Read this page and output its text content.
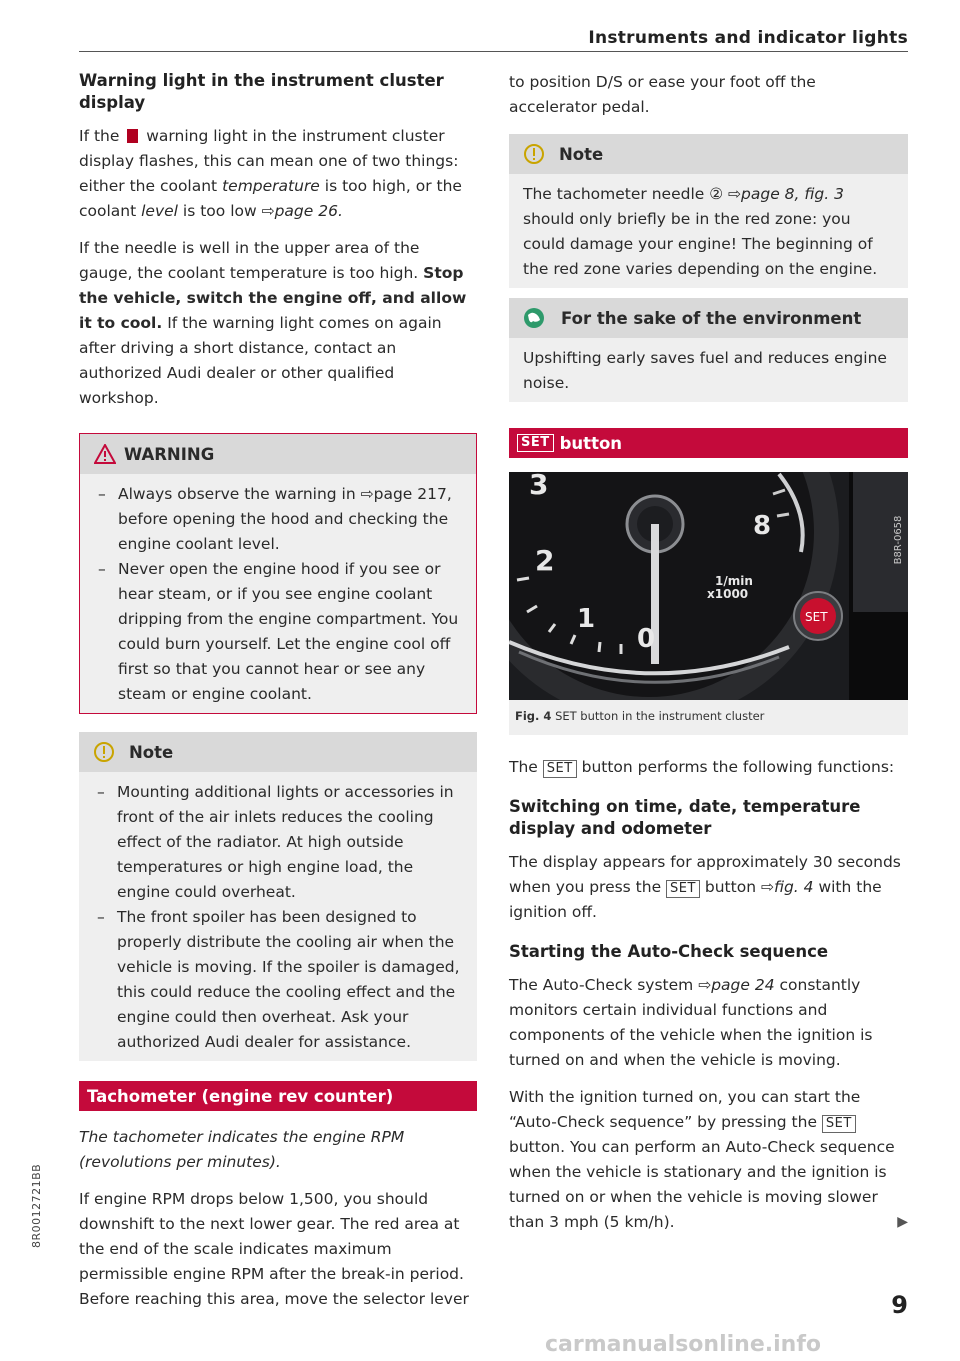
Instruments and indicator lights
Warning light in the instrument cluster display

If the  warning light in the instrument cluster display flashes, this can mean one of two things: either the coolant temperature is too high, or the coolant level is too low ⇨page 26.

If the needle is well in the upper area of the gauge, the coolant temperature is too high. Stop the vehicle, switch the engine off, and allow it to cool. If the warning light comes on again after driving a short distance, contact an authorized Audi dealer or other qualified workshop.

WARNING
– Always observe the warning in ⇨page 217, before opening the hood and checking the engine coolant level.
– Never open the engine hood if you see or hear steam, or if you see engine coolant dripping from the engine compartment. You could burn yourself. Let the engine cool off first so that you cannot hear or see any steam or engine coolant.
Note
– Mounting additional lights or accessories in front of the air inlets reduces the cooling effect of the radiator. At high outside temperatures or high engine load, the engine could overheat.
– The front spoiler has been designed to properly distribute the cooling air when the vehicle is moving. If the spoiler is damaged, this could reduce the cooling effect and the engine could then overheat. Ask your authorized Audi dealer for assistance.
Tachometer (engine rev counter)

The tachometer indicates the engine RPM (revolutions per minutes).

If engine RPM drops below 1,500, you should downshift to the next lower gear. The red area at the end of the scale indicates maximum permissible engine RPM after the break-in period. Before reaching this area, move the selector lever

to position D/S or ease your foot off the accelerator pedal.

Note
The tachometer needle ② ⇨page 8, fig. 3 should only briefly be in the red zone: you could damage your engine! The beginning of the red zone varies depending on the engine.
For the sake of the environment
Upshifting early saves fuel and reduces engine noise.
SET button
3
2
1
0
8
1/min
x1000
SET
B8R-0658
Fig. 4 SET button in the instrument cluster

The SET button performs the following functions:

Switching on time, date, temperature display and odometer

The display appears for approximately 30 seconds when you press the SET button ⇨fig. 4 with the ignition off.

Starting the Auto-Check sequence

The Auto-Check system ⇨page 24 constantly monitors certain individual functions and components of the vehicle when the ignition is turned on and when the vehicle is moving.

With the ignition turned on, you can start the “Auto-Check sequence” by pressing the SET button. You can perform an Auto-Check sequence when the vehicle is stationary and the ignition is turned on or when the vehicle is moving slower than 3 mph (5 km/h).	▶

9
8R0012721BB
carmanualsonline.info
